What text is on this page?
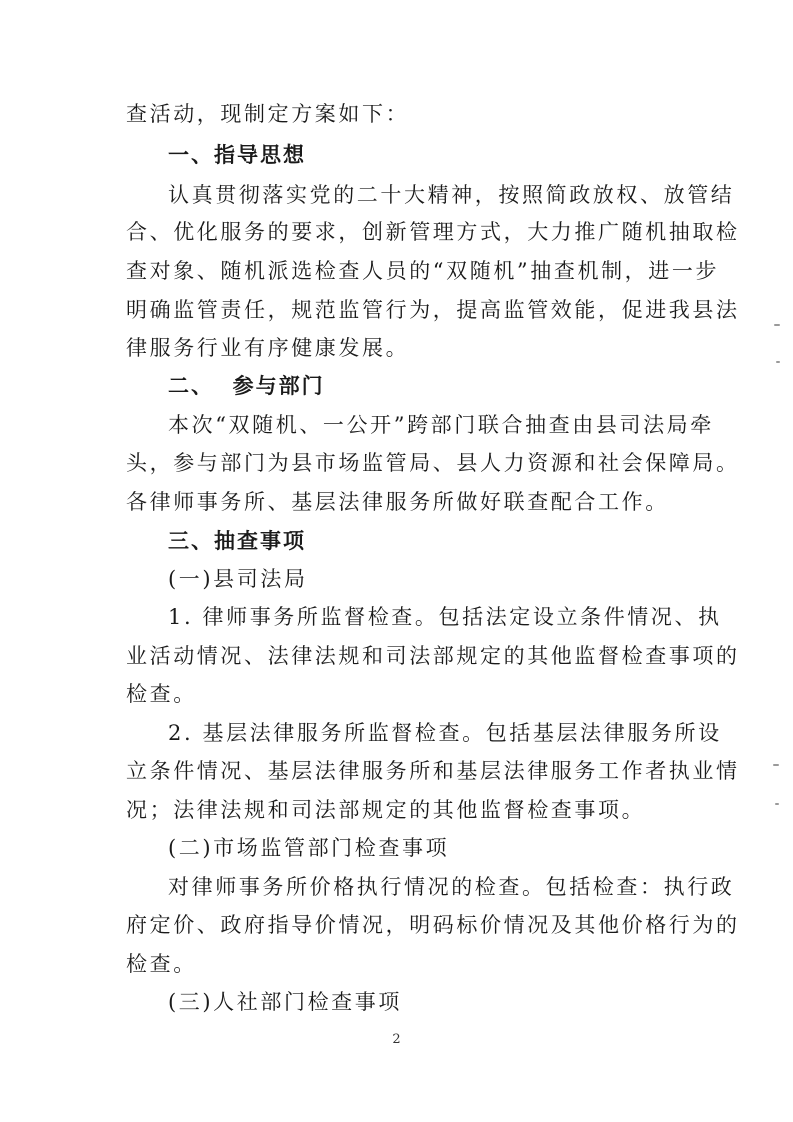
查活动，现制定方案如下：
一、指导思想
认真贯彻落实党的二十大精神，按照简政放权、放管结
合、优化服务的要求，创新管理方式，大力推广随机抽取检
查对象、随机派选检查人员的“双随机”抽查机制，进一步
明确监管责任，规范监管行为，提高监管效能，促进我县法
律服务行业有序健康发展。
二、  参与部门
本次“双随机、一公开”跨部门联合抽查由县司法局牵
头，参与部门为县市场监管局、县人力资源和社会保障局。
各律师事务所、基层法律服务所做好联查配合工作。
三、抽查事项
(一)县司法局
1. 律师事务所监督检查。包括法定设立条件情况、执
业活动情况、法律法规和司法部规定的其他监督检查事项的
检查。
2. 基层法律服务所监督检查。包括基层法律服务所设
立条件情况、基层法律服务所和基层法律服务工作者执业情
况；法律法规和司法部规定的其他监督检查事项。
(二)市场监管部门检查事项
对律师事务所价格执行情况的检查。包括检查：执行政
府定价、政府指导价情况，明码标价情况及其他价格行为的
检查。
(三)人社部门检查事项
2
